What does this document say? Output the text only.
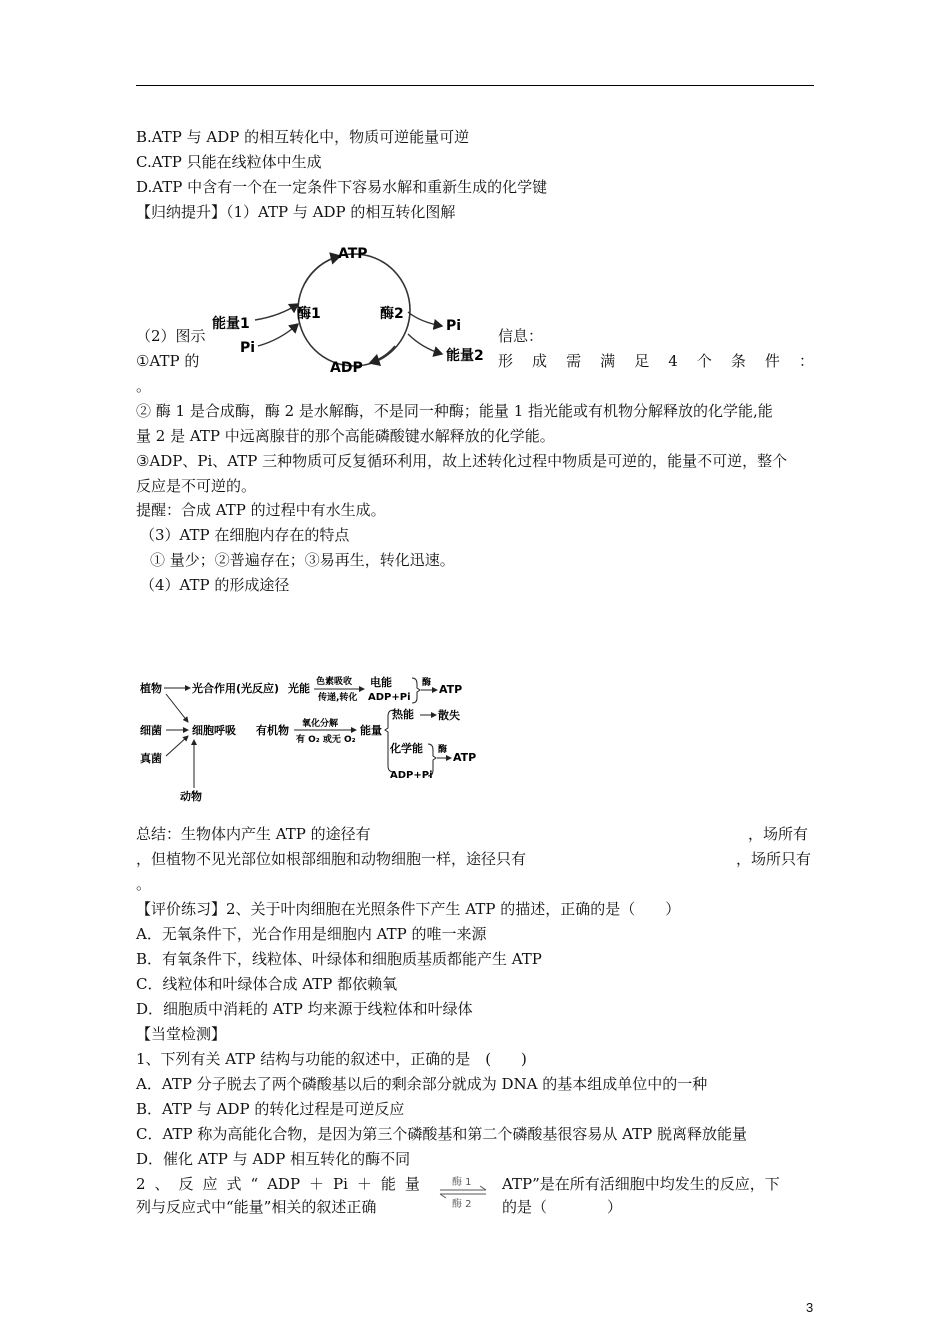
B.ATP 与 ADP 的相互转化中，物质可逆能量可逆
C.ATP 只能在线粒体中生成
D.ATP 中含有一个在一定条件下容易水解和重新生成的化学键
【归纳提升】（1）ATP 与 ADP 的相互转化图解
ATP
ADP
酶1	酶2
能量1
Pi
Pi
能量2
（2）图示	信息：
①ATP 的	形 成 需 满 足 4 个 条 件 ：
。
② 酶 1 是合成酶，酶 2 是水解酶，不是同一种酶；能量 1 指光能或有机物分解释放的化学能,能
量 2 是 ATP 中远离腺苷的那个高能磷酸键水解释放的化学能。
③ADP、Pi、ATP 三种物质可反复循环利用，故上述转化过程中物质是可逆的，能量不可逆，整个
反应是不可逆的。
提醒：合成 ATP 的过程中有水生成。
（3）ATP 在细胞内存在的特点
① 量少；②普遍存在；③易再生，转化迅速。
（4）ATP 的形成途径
植物	光合作用(光反应) 光能 色素吸收
传递,转化
电能
ADP+Pi
酶 ATP
细菌
真菌
动物
细胞呼吸 有机物 氧化分解
有 O₂ 或无 O₂
能量
热能 散失
化学能
ADP+Pi
酶
ATP
总结：生物体内产生 ATP 的途径有	，场所有
，但植物不见光部位如根部细胞和动物细胞一样，途径只有	，场所只有
。
【评价练习】2、关于叶肉细胞在光照条件下产生 ATP 的描述，正确的是（　　）
A．无氧条件下，光合作用是细胞内 ATP 的唯一来源
B．有氧条件下，线粒体、叶绿体和细胞质基质都能产生 ATP
C．线粒体和叶绿体合成 ATP 都依赖氧
D．细胞质中消耗的 ATP 均来源于线粒体和叶绿体
【当堂检测】
1、下列有关 ATP 结构与功能的叙述中，正确的是　(　　)
A．ATP 分子脱去了两个磷酸基以后的剩余部分就成为 DNA 的基本组成单位中的一种
B．ATP 与 ADP 的转化过程是可逆反应
C．ATP 称为高能化合物，是因为第三个磷酸基和第二个磷酸基很容易从 ATP 脱离释放能量
D．催化 ATP 与 ADP 相互转化的酶不同
2 、 反 应 式 “ ADP ＋ Pi ＋ 能 量	酶 1
酶 2
ATP”是在所有活细胞中均发生的反应，下
列与反应式中“能量”相关的叙述正确	的是（　　　　）
3
